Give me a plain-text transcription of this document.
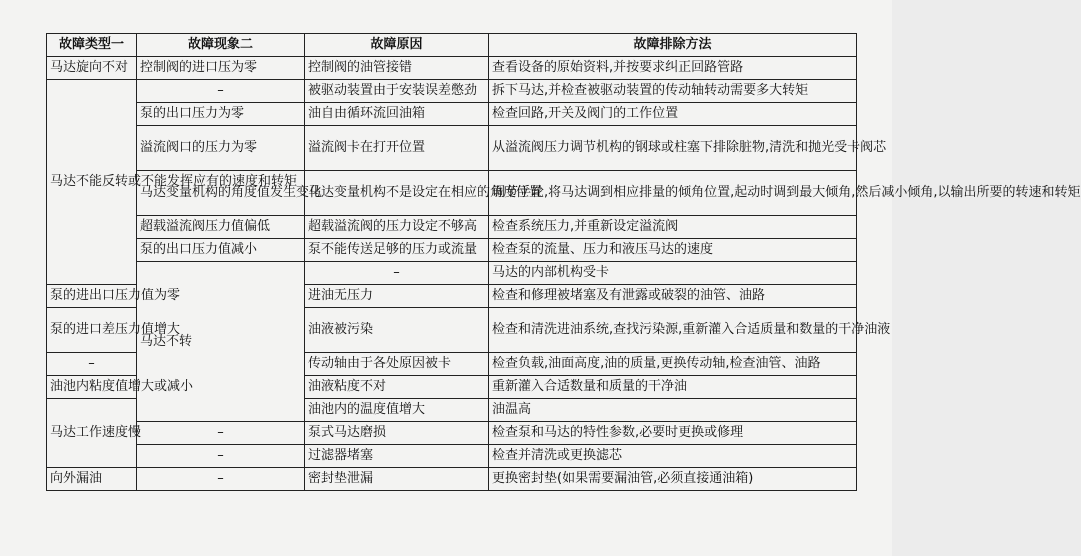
故障类型一	故障现象二	故障原因	故障排除方法	
马达旋向不对	控制阀的进口压为零	控制阀的油管接错	查看设备的原始资料,并按要求纠正回路管路	
马达不能反转或不能发挥应有的速度和转矩	–	被驱动装置由于安装误差憋劲	拆下马达,并检查被驱动装置的传动轴转动需要多大转矩	
	泵的出口压力为零	油自由循环流回油箱	检查回路,开关及阀门的工作位置	
	溢流阀口的压力为零	溢流阀卡在打开位置	从溢流阀压力调节机构的钢球或柱塞下排除脏物,清洗和抛光受卡阀芯	
	马达变量机构的角度值发生变化	马达变量机构不是设定在相应的角度位置	调节手轮,将马达调到相应排量的倾角位置,起动时调到最大倾角,然后减小倾角,以输出所要的转速和转矩	
	超载溢流阀压力值偏低	超载溢流阀的压力设定不够高	检查系统压力,并重新设定溢流阀	
	泵的出口压力值减小	泵不能传送足够的压力或流量	检查泵的流量、压力和液压马达的速度	
	马达不转	–	马达的内部机构受卡	
泵的进出口压力值为零		进油无压力	检查和修理被堵塞及有泄露或破裂的油管、油路	
泵的进口差压力值增大		油液被污染	检查和清洗进油系统,查找污染源,重新灌入合适质量和数量的干净油液	
–		传动轴由于各处原因被卡	检查负载,油面高度,油的质量,更换传动轴,检查油管、油路	
油池内粘度值增大或减小		油液粘度不对	重新灌入合适数量和质量的干净油	
马达工作速度慢		油池内的温度值增大	油温高	
	–	泵式马达磨损	检查泵和马达的特性参数,必要时更换或修理	
	–	过滤器堵塞	检查并清洗或更换滤芯	
向外漏油	–	密封垫泄漏	更换密封垫(如果需要漏油管,必须直接通油箱)	
